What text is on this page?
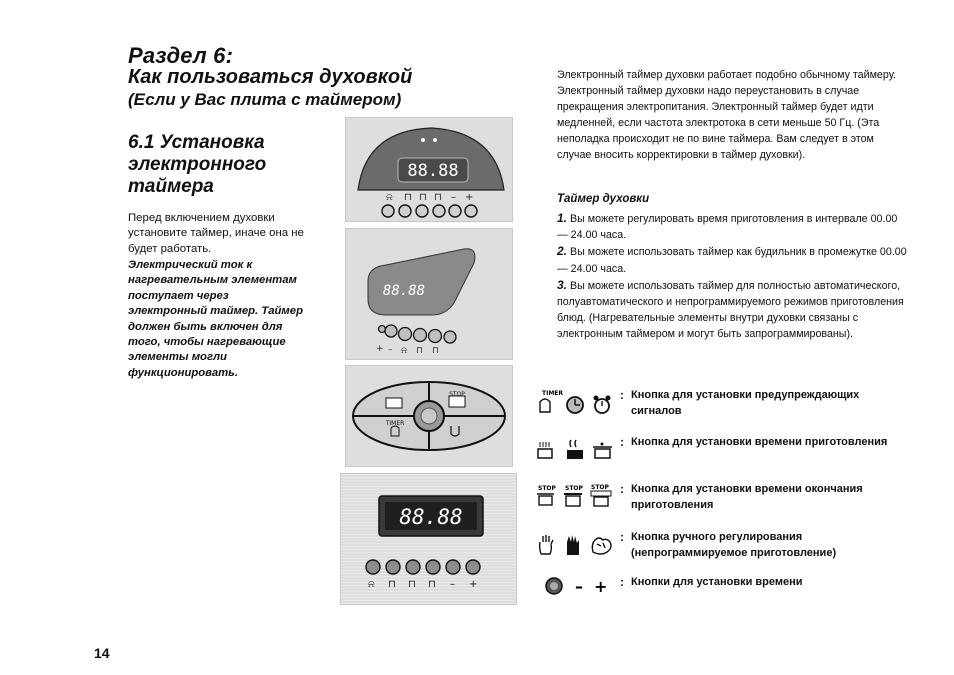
Раздел 6:
Как пользоваться духовкой
(Если у Вас плита с таймером)
6.1 Установка электронного таймера
Перед включением духовки установите таймер, иначе она не будет работать.
Электрический ток к нагревательным элементам поступает через электронный таймер. Таймер должен быть включен для того, чтобы нагревающие элементы могли функционировать.
14
88.88
⍾ ⊓ ⊓ ⊓ – +
88.88
+ – ⍾ ⊓ ⊓
STOP
TIMER
88.88
⍾ ⊓ ⊓ ⊓ – +
Электронный таймер духовки работает подобно обычному таймеру. Электронный таймер духовки надо переустановить в случае прекращения электропитания. Электронный таймер будет идти медленней, если частота электротока в сети меньше 50 Гц. (Эта неполадка происходит не по вине таймера. Вам следует в этом случае вносить корректировки в таймер духовки).
Таймер духовки

1. Вы можете регулировать время приготовления в интервале 00.00 — 24.00 часа.

2. Вы можете использовать таймер как будильник в промежутке 00.00 — 24.00 часа.

3. Вы можете использовать таймер для полностью автоматического, полуавтоматического и непрограммируемого режимов приготовления блюд. (Нагревательные элементы внутри духовки связаны с электронным таймером и могут быть запрограммированы).

TIMER	: Кнопка для установки предупреждающих сигналов
: Кнопка для установки времени приготовления
STOP STOP STOP : Кнопка для установки времени окончания приготовления
: Кнопка ручного регулирования (непрограммируемое приготовление)
– + : Кнопки для установки времени
